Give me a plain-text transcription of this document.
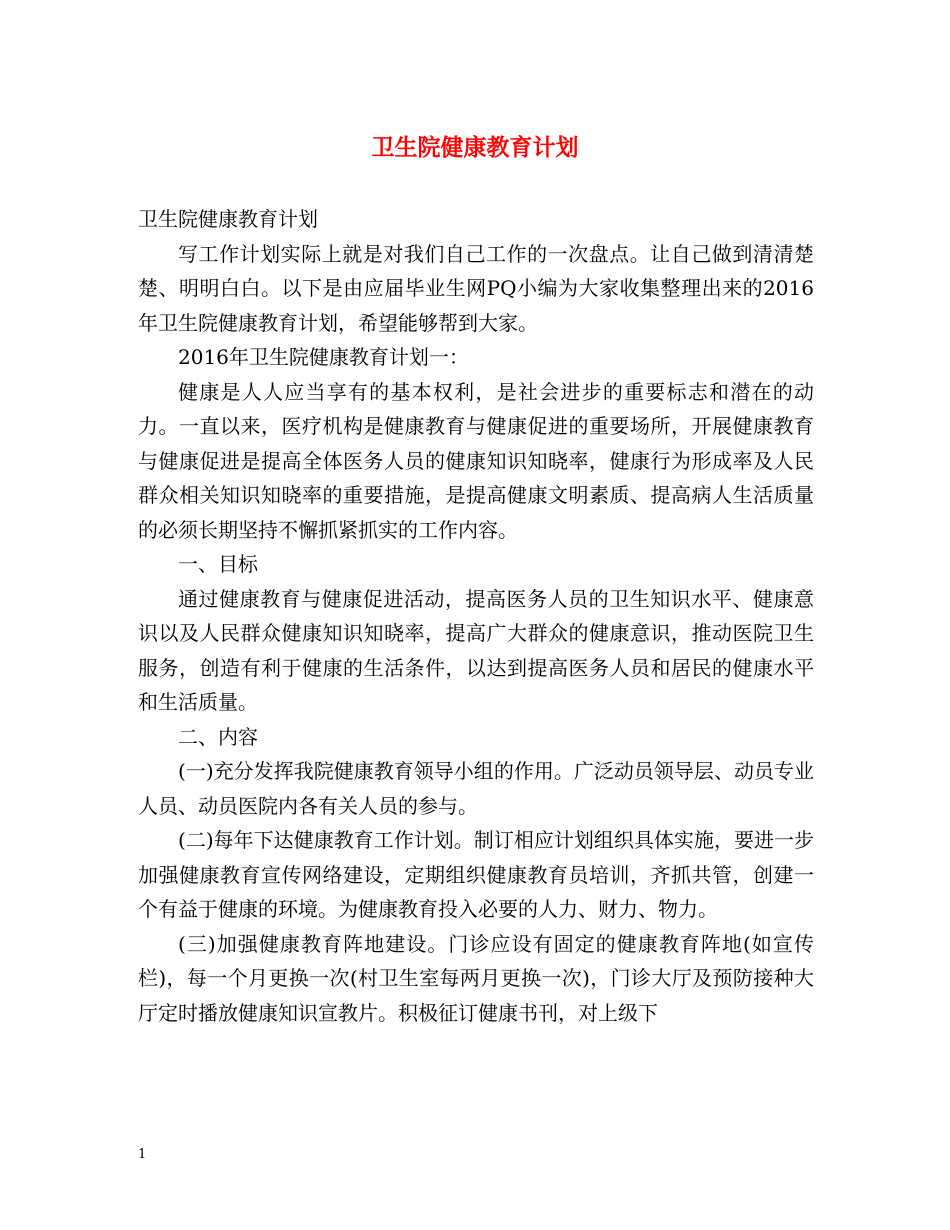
卫生院健康教育计划

卫生院健康教育计划

写工作计划实际上就是对我们自己工作的一次盘点。让自己做到清清楚楚、明明白白。以下是由应届毕业生网PQ小编为大家收集整理出来的2016年卫生院健康教育计划，希望能够帮到大家。

2016年卫生院健康教育计划一：

健康是人人应当享有的基本权利，是社会进步的重要标志和潜在的动力。一直以来，医疗机构是健康教育与健康促进的重要场所，开展健康教育与健康促进是提高全体医务人员的健康知识知晓率，健康行为形成率及人民群众相关知识知晓率的重要措施，是提高健康文明素质、提高病人生活质量的必须长期坚持不懈抓紧抓实的工作内容。

一、目标

通过健康教育与健康促进活动，提高医务人员的卫生知识水平、健康意识以及人民群众健康知识知晓率，提高广大群众的健康意识，推动医院卫生服务，创造有利于健康的生活条件，以达到提高医务人员和居民的健康水平和生活质量。

二、内容

(一)充分发挥我院健康教育领导小组的作用。广泛动员领导层、动员专业人员、动员医院内各有关人员的参与。

(二)每年下达健康教育工作计划。制订相应计划组织具体实施，要进一步加强健康教育宣传网络建设，定期组织健康教育员培训，齐抓共管，创建一个有益于健康的环境。为健康教育投入必要的人力、财力、物力。

(三)加强健康教育阵地建设。门诊应设有固定的健康教育阵地(如宣传栏)，每一个月更换一次(村卫生室每两月更换一次)，门诊大厅及预防接种大厅定时播放健康知识宣教片。积极征订健康书刊，对上级下

1
